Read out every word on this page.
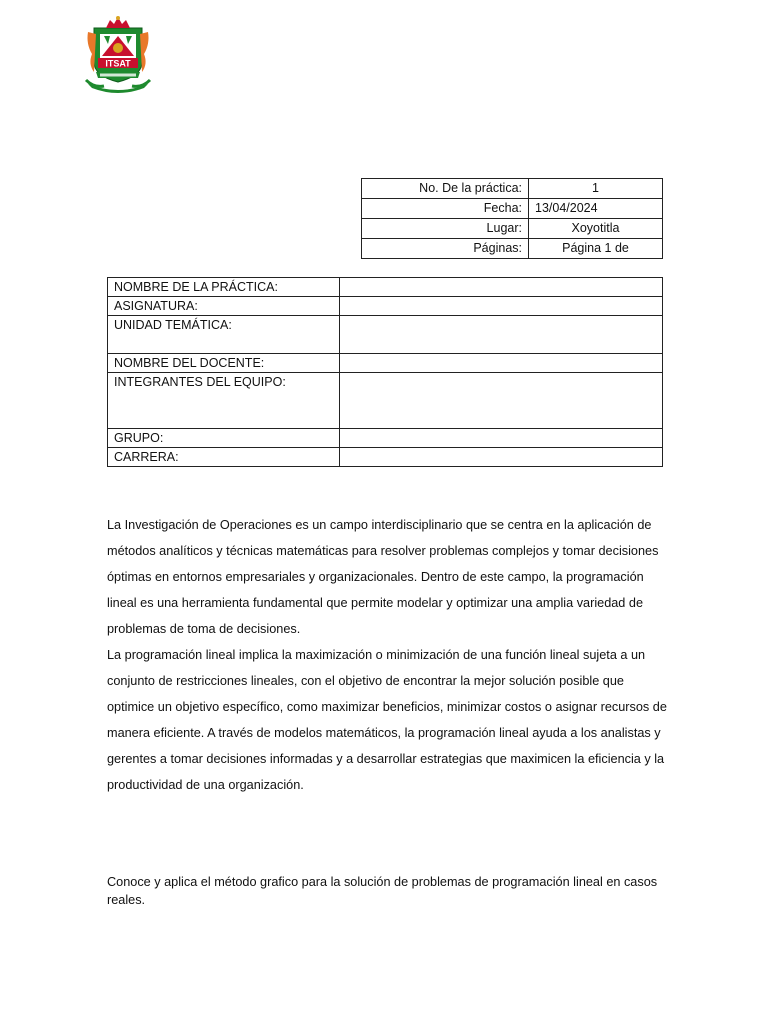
ITSAT
No. De la práctica:	1
Fecha:	13/04/2024
Lugar:	Xoyotitla
Páginas:	Página 1 de
NOMBRE DE LA PRÁCTICA:	
ASIGNATURA:	
UNIDAD TEMÁTICA:	
NOMBRE DEL DOCENTE:	
INTEGRANTES DEL EQUIPO:	
GRUPO:	
CARRERA:	

La Investigación de Operaciones es un campo interdisciplinario que se centra en la aplicación de métodos analíticos y técnicas matemáticas para resolver problemas complejos y tomar decisiones óptimas en entornos empresariales y organizacionales. Dentro de este campo, la programación lineal es una herramienta fundamental que permite modelar y optimizar una amplia variedad de problemas de toma de decisiones.

La programación lineal implica la maximización o minimización de una función lineal sujeta a un conjunto de restricciones lineales, con el objetivo de encontrar la mejor solución posible que optimice un objetivo específico, como maximizar beneficios, minimizar costos o asignar recursos de manera eficiente. A través de modelos matemáticos, la programación lineal ayuda a los analistas y gerentes a tomar decisiones informadas y a desarrollar estrategias que maximicen la eficiencia y la productividad de una organización.

Conoce y aplica el método grafico para la solución de problemas de programación lineal en casos reales.
